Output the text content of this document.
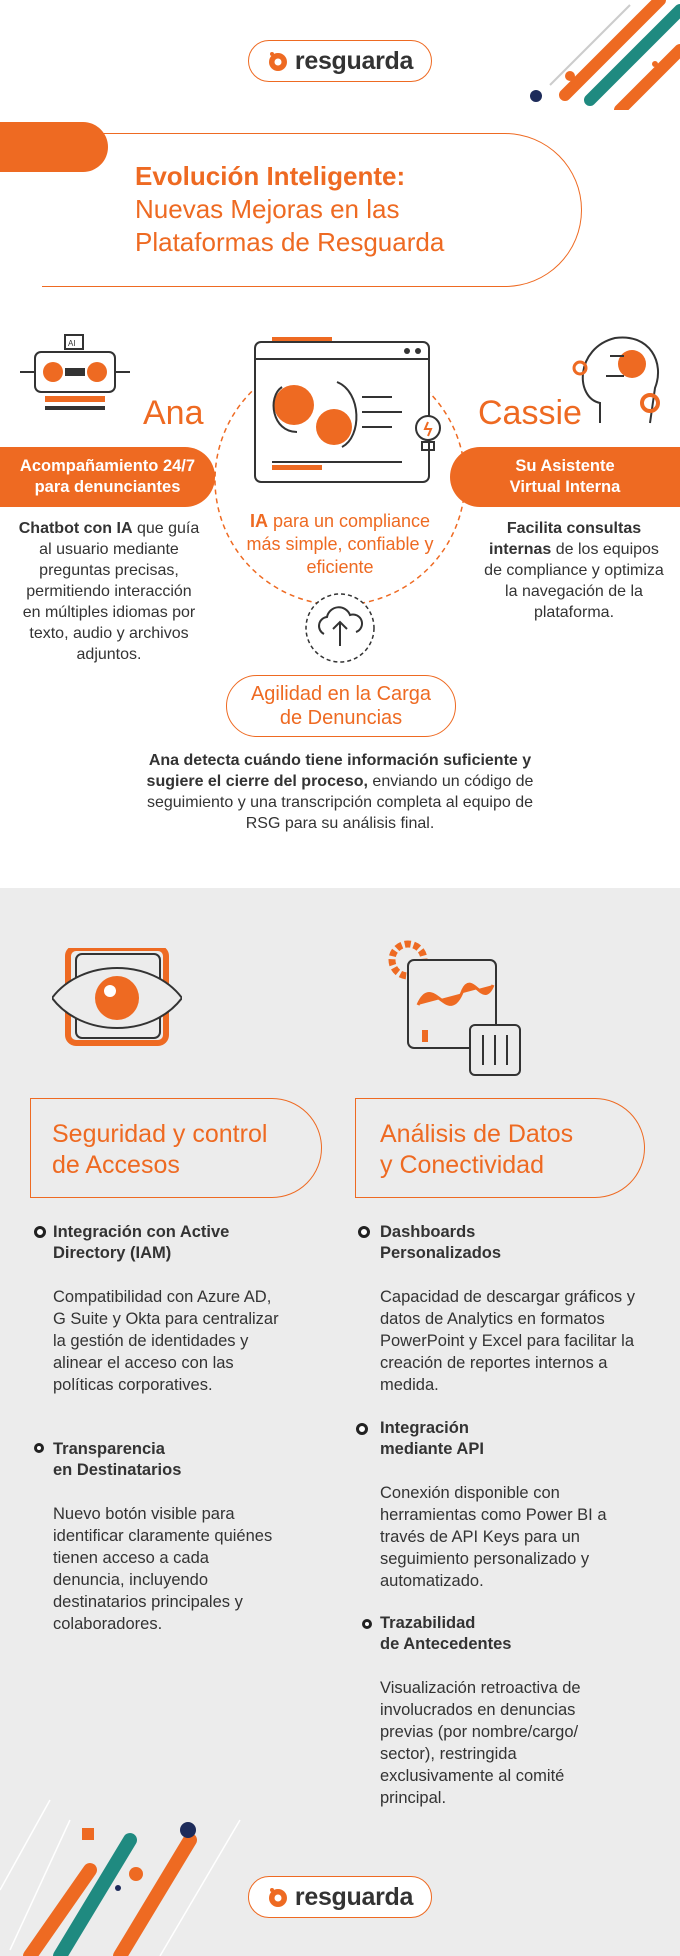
resguarda
Evolución Inteligente:
Nuevas Mejoras en las
Plataformas de Resguarda
AI
Ana
Acompañamiento 24/7
para denunciantes
Chatbot con IA que guía al usuario mediante preguntas precisas, permitiendo interacción en múltiples idiomas por texto, audio y archivos adjuntos.
IA para un compliance más simple, confiable y eficiente
Cassie
Su Asistente
Virtual Interna
Facilita consultas internas de los equipos de compliance y optimiza la navegación de la plataforma.
Agilidad en la Carga
de Denuncias
Ana detecta cuándo tiene información suficiente y sugiere el cierre del proceso, enviando un código de seguimiento y una transcripción completa al equipo de RSG para su análisis final.
Seguridad y control
de Accesos
Integración con Active
Directory (IAM)
Compatibilidad con Azure AD, G Suite y Okta para centralizar la gestión de identidades y alinear el acceso con las políticas corporatives.
Transparencia
en Destinatarios
Nuevo botón visible para identificar claramente quiénes tienen acceso a cada denuncia, incluyendo destinatarios principales y colaboradores.
Análisis de Datos
y Conectividad
Dashboards
Personalizados
Capacidad de descargar gráficos y datos de Analytics en formatos PowerPoint y Excel para facilitar la creación de reportes internos a medida.
Integración
mediante API
Conexión disponible con herramientas como Power BI a través de API Keys para un seguimiento personalizado y automatizado.
Trazabilidad
de Antecedentes
Visualización retroactiva de involucrados en denuncias previas (por nombre/cargo/ sector), restringida exclusivamente al comité principal.
resguarda
